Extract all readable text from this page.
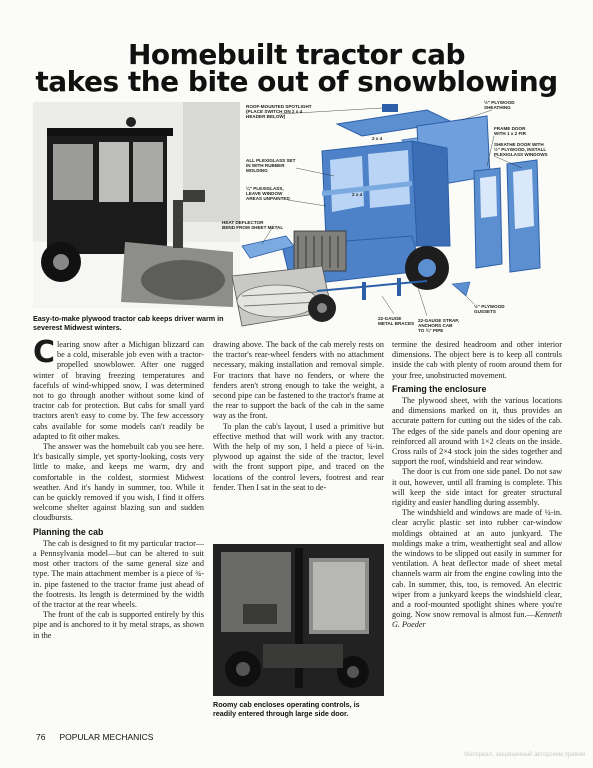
Homebuilt tractor cab
takes the bite out of snowblowing
Easy-to-make plywood tractor cab keeps driver warm in severest Midwest winters.
ROOF-MOUNTED SPOTLIGHT
(PLACE SWITCH ON 2 x 4
HEADER BELOW)
½" PLYWOOD
SHEATHING
2 x 4
FRAME DOOR
WITH 1 x 2 FIR
SHEATHE DOOR WITH
½" PLYWOOD, INSTALL
PLEXIGLASS WINDOWS
ALL PLEXIGLASS SET
IN WITH RUBBER
MOLDING
2 x 4
¼" PLEXIGLASS,
LEAVE WINDOW
AREAS UNPAINTED
HEAT DEFLECTOR
BEND FROM SHEET METAL
22-GAUGE
METAL BRACES
22-GAUGE STRAP,
ANCHORS CAB
TO ¾" PIPE
½" PLYWOOD
GUSSETS

Clearing snow after a Michigan blizzard can be a cold, miserable job even with a tractor-propelled snowblower. After one rugged winter of braving freezing temperatures and facefuls of wind-whipped snow, I was determined not to go through another without some kind of tractor cab for protection. But cabs for small yard tractors aren't easy to come by. The few accessory cabs available for some models can't readily be adapted to fit other makes.

The answer was the homebuilt cab you see here. It's basically simple, yet sporty-looking, costs very little to make, and keeps me warm, dry and comfortable in the coldest, stormiest Midwest weather. And it's handy in summer, too. While it can be quickly removed if you wish, I find it offers welcome shelter against blazing sun and sudden cloudbursts.

Planning the cab

The cab is designed to fit my particular tractor—a Pennsylvania model—but can be altered to suit most other tractors of the same general size and type. The main attachment member is a piece of ¾-in. pipe fastened to the tractor frame just ahead of the footrests. Its length is determined by the width of the tractor at the rear wheels.

The front of the cab is supported entirely by this pipe and is anchored to it by metal straps, as shown in the

drawing above. The back of the cab merely rests on the tractor's rear-wheel fenders with no attachment necessary, making installation and removal simple. For tractors that have no fenders, or where the fenders aren't strong enough to take the weight, a second pipe can be fastened to the tractor's frame at the rear to support the back of the cab in the same way as the front.

To plan the cab's layout, I used a primitive but effective method that will work with any tractor. With the help of my son, I held a piece of ¼-in. plywood up against the side of the tractor, level with the front support pipe, and traced on the locations of the control levers, footrest and rear fender. Then I sat in the seat to de-

Roomy cab encloses operating controls, is readily entered through large side door.

termine the desired headroom and other interior dimensions. The object here is to keep all controls inside the cab with plenty of room around them for your free, unobstructed movement.

Framing the enclosure

The plywood sheet, with the various locations and dimensions marked on it, thus provides an accurate pattern for cutting out the sides of the cab. The edges of the side panels and door opening are reinforced all around with 1×2 cleats on the inside. Cross rails of 2×4 stock join the sides together and support the roof, windshield and rear window.

The door is cut from one side panel. Do not saw it out, however, until all framing is complete. This will keep the side intact for greater structural rigidity and easier handling during assembly.

The windshield and windows are made of ¼-in. clear acrylic plastic set into rubber car-window moldings obtained at an auto junkyard. The moldings make a trim, weathertight seal and allow the windows to be slipped out easily in summer for ventilation. A heat deflector made of sheet metal channels warm air from the engine cowling into the cab. In summer, this, too, is removed. An electric wiper from a junkyard keeps the windshield clear, and a roof-mounted spotlight shines where you're going. Now snow removal is almost fun.—Kenneth G. Poeder

76 POPULAR MECHANICS
Материал, защищенный авторским правом
